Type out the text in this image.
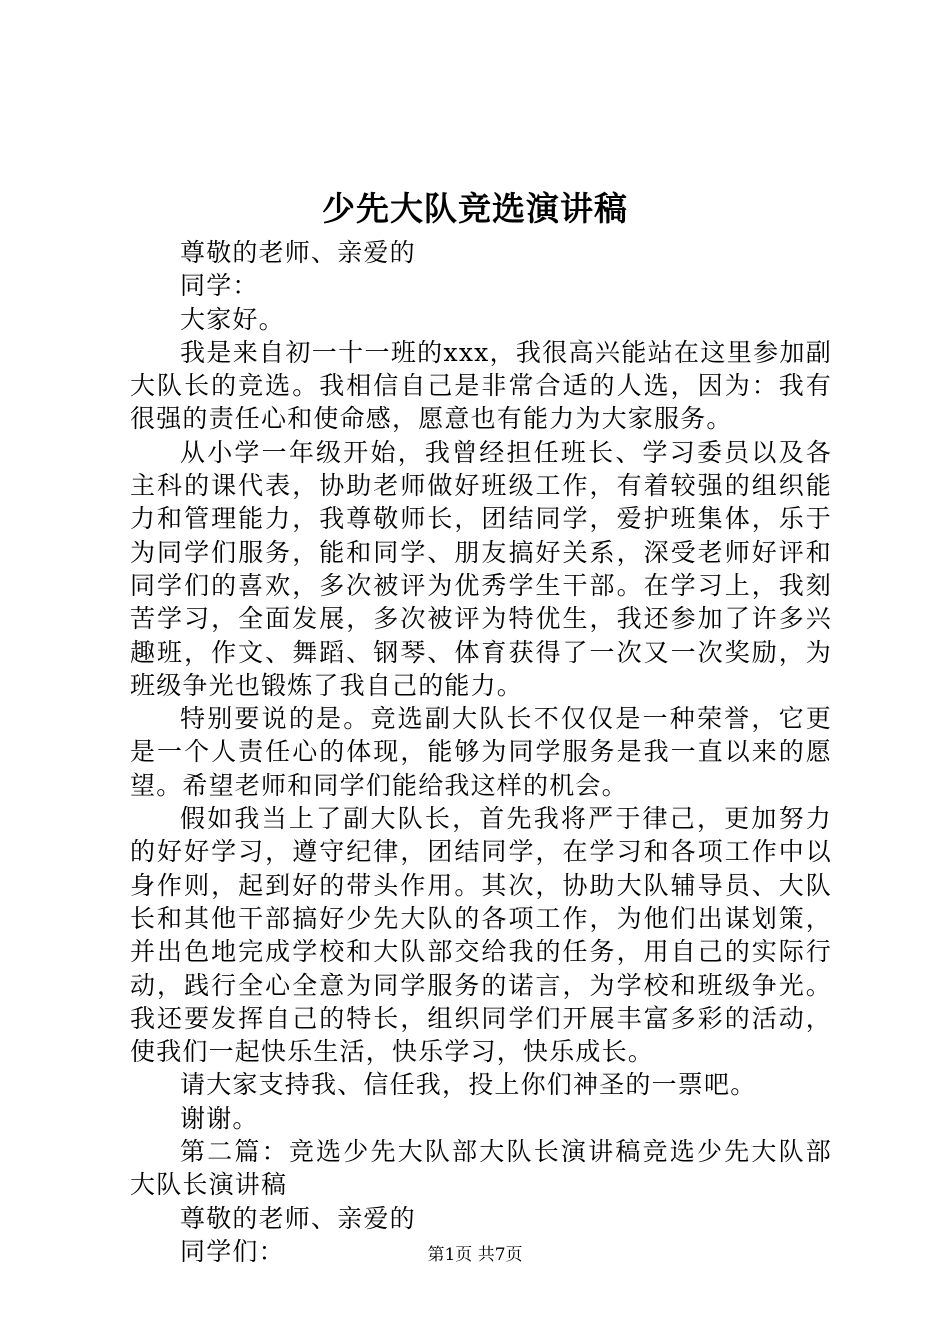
少先大队竞选演讲稿

尊敬的老师、亲爱的

同学：

大家好。

我是来自初一十一班的xxx，我很高兴能站在这里参加副大队长的竞选。我相信自己是非常合适的人选，因为：我有很强的责任心和使命感，愿意也有能力为大家服务。

从小学一年级开始，我曾经担任班长、学习委员以及各主科的课代表，协助老师做好班级工作，有着较强的组织能力和管理能力，我尊敬师长，团结同学，爱护班集体，乐于为同学们服务，能和同学、朋友搞好关系，深受老师好评和同学们的喜欢，多次被评为优秀学生干部。在学习上，我刻苦学习，全面发展，多次被评为特优生，我还参加了许多兴趣班，作文、舞蹈、钢琴、体育获得了一次又一次奖励，为班级争光也锻炼了我自己的能力。

特别要说的是。竞选副大队长不仅仅是一种荣誉，它更是一个人责任心的体现，能够为同学服务是我一直以来的愿望。希望老师和同学们能给我这样的机会。

假如我当上了副大队长，首先我将严于律己，更加努力的好好学习，遵守纪律，团结同学，在学习和各项工作中以身作则，起到好的带头作用。其次，协助大队辅导员、大队长和其他干部搞好少先大队的各项工作，为他们出谋划策，并出色地完成学校和大队部交给我的任务，用自己的实际行动，践行全心全意为同学服务的诺言，为学校和班级争光。我还要发挥自己的特长，组织同学们开展丰富多彩的活动，使我们一起快乐生活，快乐学习，快乐成长。

请大家支持我、信任我，投上你们神圣的一票吧。

谢谢。

第二篇：竞选少先大队部大队长演讲稿竞选少先大队部大队长演讲稿

尊敬的老师、亲爱的

同学们：	第1页 共7页
